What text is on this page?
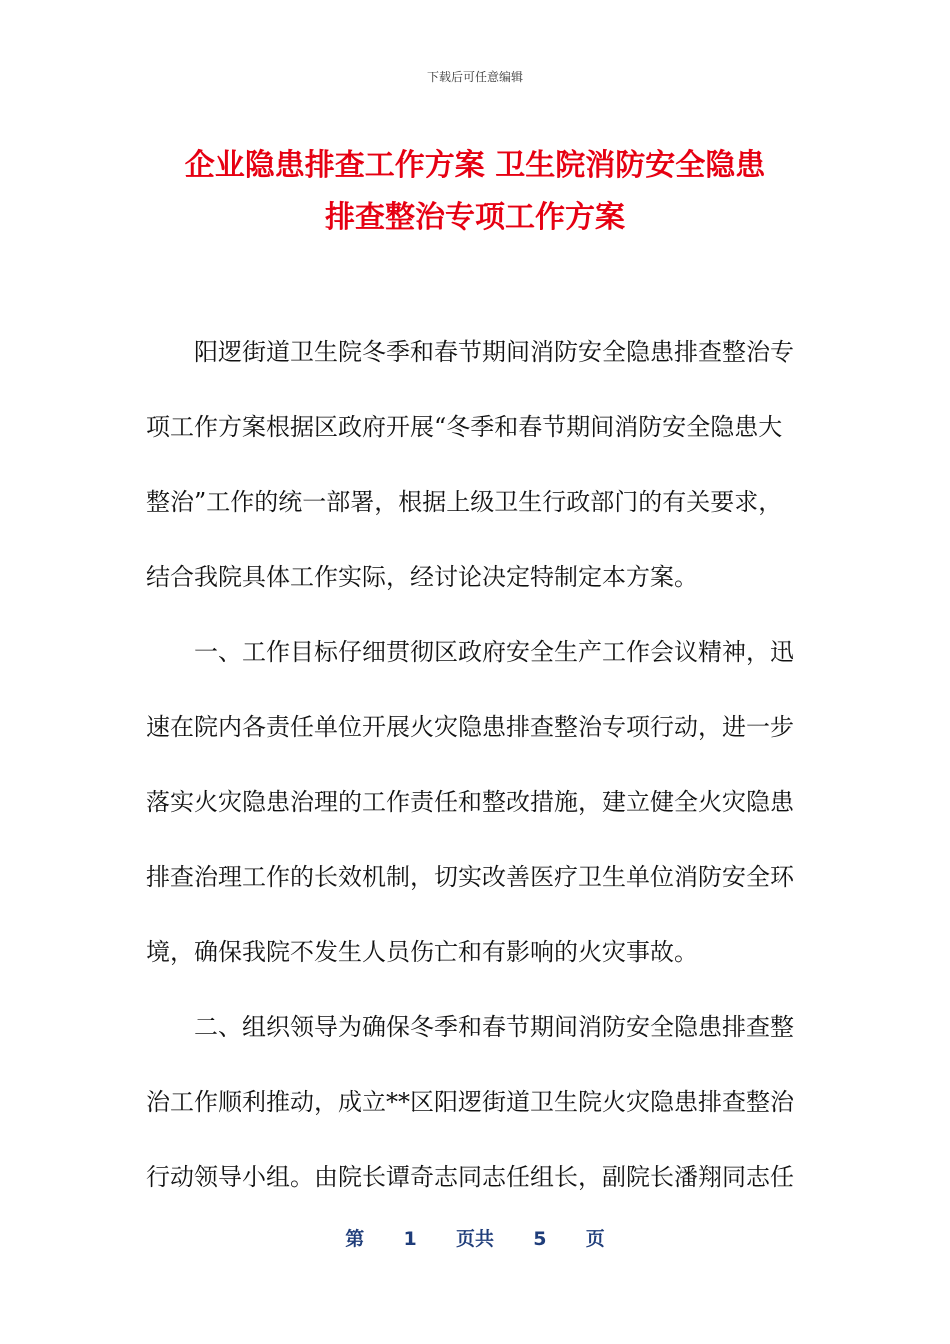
下载后可任意编辑
企业隐患排查工作方案 卫生院消防安全隐患
排查整治专项工作方案
阳逻街道卫生院冬季和春节期间消防安全隐患排查整治专
项工作方案根据区政府开展“冬季和春节期间消防安全隐患大
整治”工作的统一部署，根据上级卫生行政部门的有关要求，
结合我院具体工作实际，经讨论决定特制定本方案。
一、工作目标仔细贯彻区政府安全生产工作会议精神，迅
速在院内各责任单位开展火灾隐患排查整治专项行动，进一步
落实火灾隐患治理的工作责任和整改措施，建立健全火灾隐患
排查治理工作的长效机制，切实改善医疗卫生单位消防安全环
境，确保我院不发生人员伤亡和有影响的火灾事故。
二、组织领导为确保冬季和春节期间消防安全隐患排查整
治工作顺利推动，成立**区阳逻街道卫生院火灾隐患排查整治
行动领导小组。由院长谭奇志同志任组长，副院长潘翔同志任
第 1 页共 5 页
